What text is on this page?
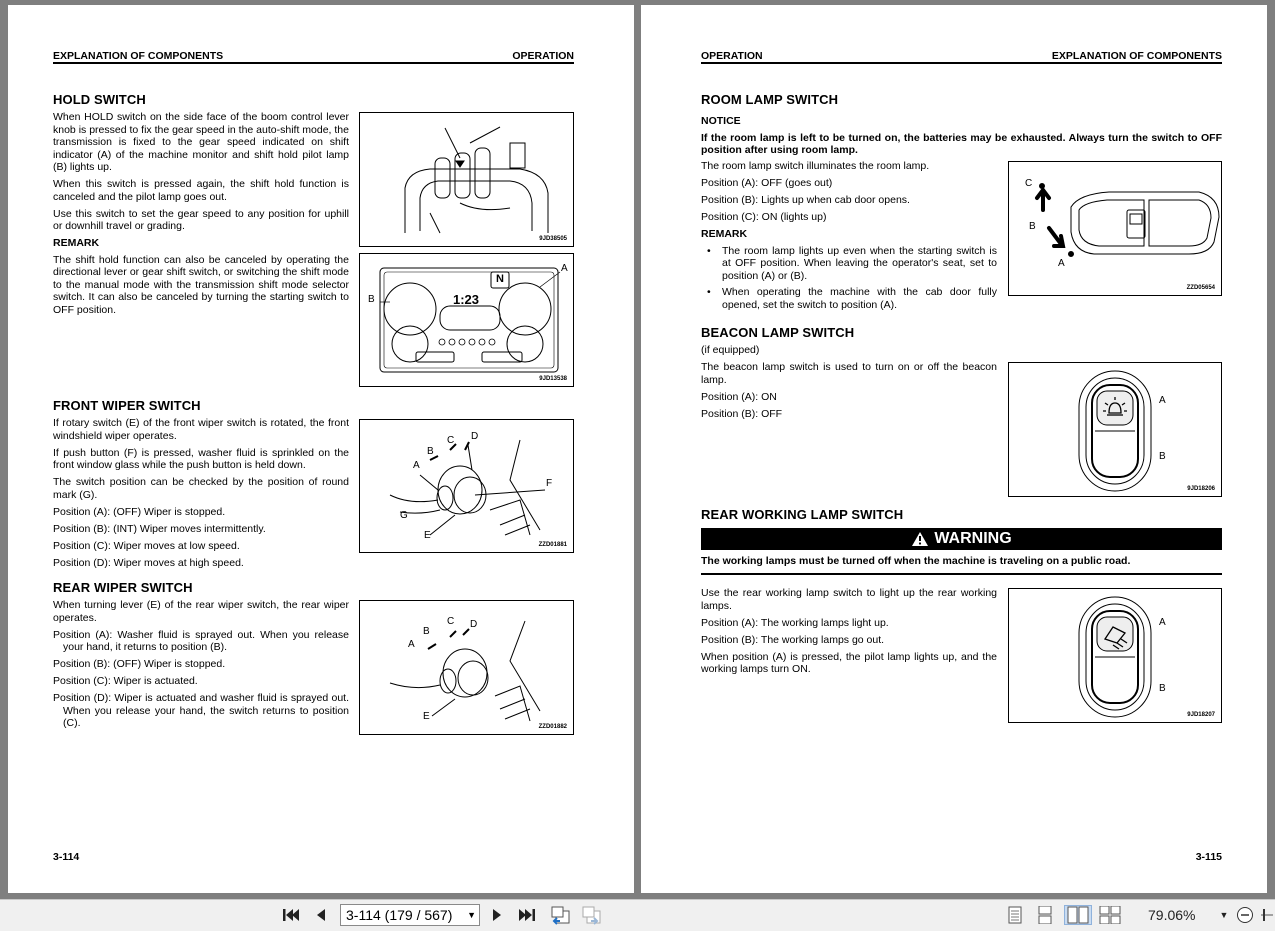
EXPLANATION OF COMPONENTS	OPERATION
HOLD SWITCH

When HOLD switch on the side face of the boom control lever knob is pressed to fix the gear speed in the auto-shift mode, the transmission is fixed to the gear speed indicated on shift indicator (A) of the machine monitor and shift hold pilot lamp (B) lights up.

When this switch is pressed again, the shift hold function is canceled and the pilot lamp goes out.

Use this switch to set the gear speed to any position for uphill or downhill travel or grading.

REMARK

The shift hold function can also be canceled by operating the directional lever or gear shift switch, or switching the shift mode to the manual mode with the transmission shift mode selector switch. It can also be canceled by turning the starting switch to OFF position.

9JD38505
1:23
N
A
B
9JD13538
FRONT WIPER SWITCH

If rotary switch (E) of the front wiper switch is rotated, the front windshield wiper operates.

If push button (F) is pressed, washer fluid is sprinkled on the front window glass while the push button is held down.

The switch position can be checked by the position of round mark (G).

Position (A): (OFF) Wiper is stopped.

Position (B): (INT) Wiper moves intermittently.

Position (C): Wiper moves at low speed.

Position (D): Wiper moves at high speed.

A
B
C D
F
G
E
ZZD01881
REAR WIPER SWITCH

When turning lever (E) of the rear wiper switch, the rear wiper operates.

Position (A): Washer fluid is sprayed out. When you release your hand, it returns to position (B).

Position (B): (OFF) Wiper is stopped.

Position (C): Wiper is actuated.

Position (D): Wiper is actuated and washer fluid is sprayed out. When you release your hand, the switch returns to position (C).

A
B
C D
E
ZZD01882
3-114
OPERATION	EXPLANATION OF COMPONENTS
ROOM LAMP SWITCH
NOTICE

If the room lamp is left to be turned on, the batteries may be exhausted. Always turn the switch to OFF position after using room lamp.

The room lamp switch illuminates the room lamp.

Position (A): OFF (goes out)

Position (B): Lights up when cab door opens.

Position (C): ON (lights up)

REMARK
• The room lamp lights up even when the starting switch is at OFF position. When leaving the operator's seat, set to position (A) or (B).
• When operating the machine with the cab door fully opened, set the switch to position (A).
C
B
A
ZZD05654
BEACON LAMP SWITCH

(if equipped)

The beacon lamp switch is used to turn on or off the beacon lamp.

Position (A): ON

Position (B): OFF

A
B
9JD18206
REAR WORKING LAMP SWITCH
WARNING
The working lamps must be turned off when the machine is traveling on a public road.

Use the rear working lamp switch to light up the rear working lamps.

Position (A): The working lamps light up.

Position (B): The working lamps go out.

When position (A) is pressed, the pilot lamp lights up, and the working lamps turn ON.

A
B
9JD18207
3-115
3-114 (179 / 567) ▼	79.06%	▼
